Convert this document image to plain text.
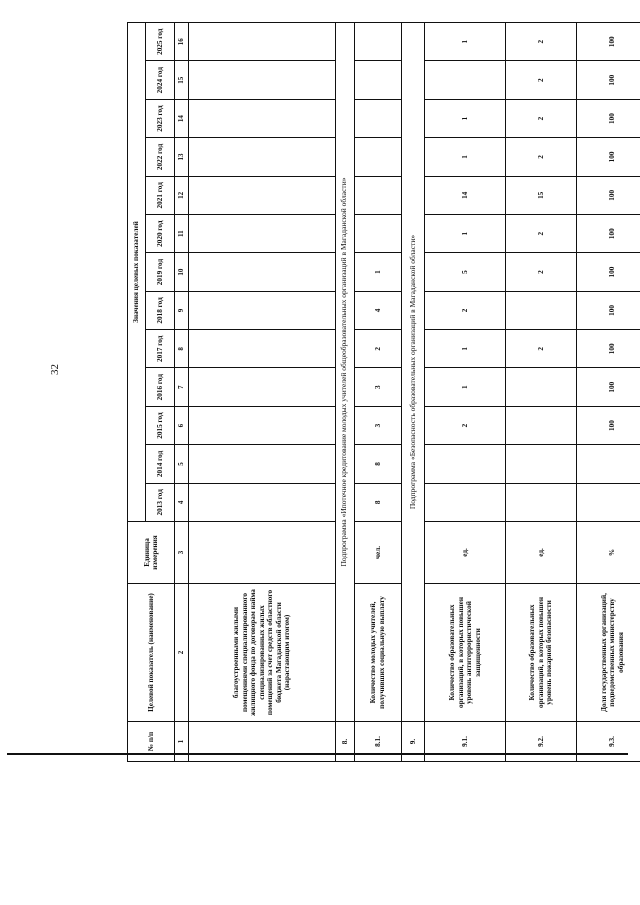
32
№ п/п	Целевой показатель (наименование)	Единица измерения	Значения целевых показателей												
			2013 год	2014 год	2015 год	2016 год	2017 год	2018 год	2019 год	2020 год	2021 год	2022 год	2023 год	2024 год	2025 год
1	2	3	4	5	6	7	8	9	10	11	12	13	14	15	16
	благоустроенными жилыми помещениями специализированного жилищного фонда по договорам найма специализированных жилых помещений за счет средств областного бюджета Магаданской области (нарастающим итогом)														
8.	Подпрограмма «Ипотечное кредитование молодых учителей общеобразовательных организаций в Магаданской области»														
8.1.	Количество молодых учителей, получивших социальную выплату	чел.	8	8	3	3	2	4	1						
9.	Подпрограмма «Безопасность образовательных организаций в Магаданской области»														
9.1.	Количество образовательных организаций, в которых повышен уровень антитеррористической защищенности	ед.			2	1	1	2	5	1	14	1	1		1
9.2.	Количество образовательных организаций, в которых повышен уровень пожарной безопасности	ед.					2		2	2	15	2	2	2	2
9.3.	Доля государственных организаций, подведомственных министерству образования	%			100	100	100	100	100	100	100	100	100	100	100
